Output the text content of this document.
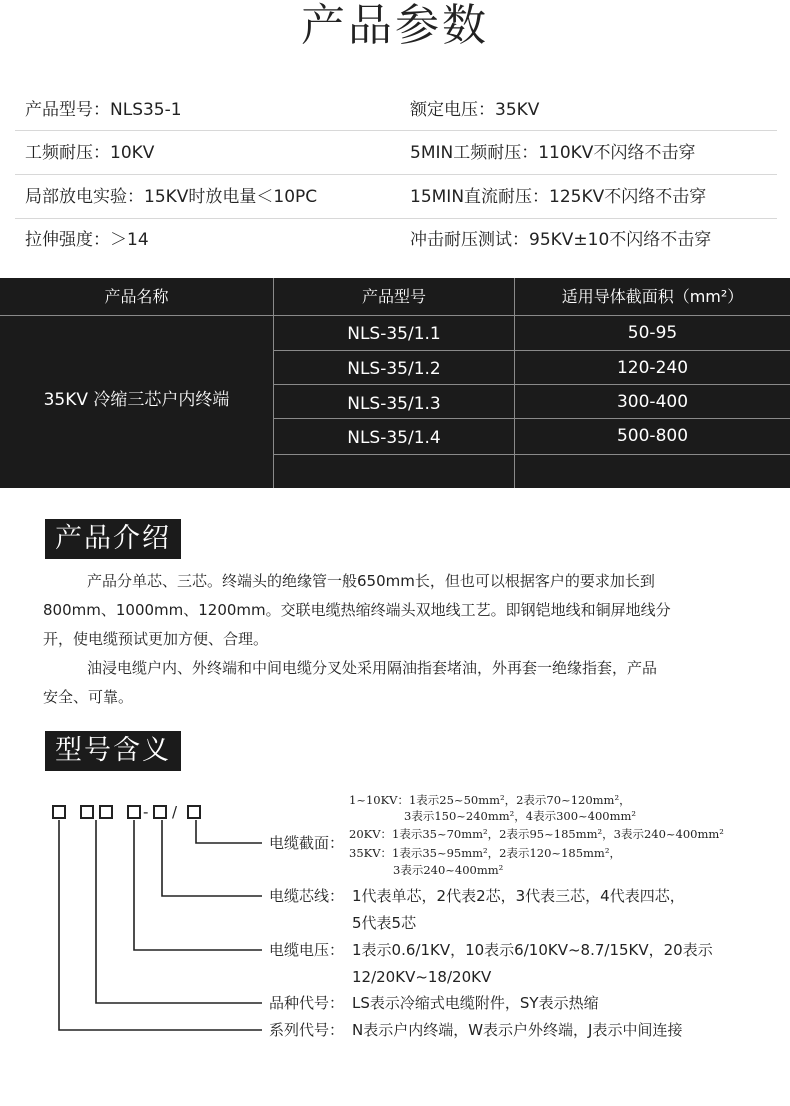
产品参数
产品型号：NLS35-1	额定电压：35KV
工频耐压：10KV	5MIN工频耐压：110KV不闪络不击穿
局部放电实验：15KV时放电量＜10PC	15MIN直流耐压：125KV不闪络不击穿
拉伸强度：＞14	冲击耐压测试：95KV±10不闪络不击穿
产品名称	产品型号	适用导体截面积（mm²）
35KV 冷缩三芯户内终端
NLS-35/1.1	50-95
NLS-35/1.2	120-240
NLS-35/1.3	300-400
NLS-35/1.4	500-800
产品介绍
产品分单芯、三芯。终端头的绝缘管一般650mm长，但也可以根据客户的要求加长到
800mm、1000mm、1200mm。交联电缆热缩终端头双地线工艺。即钢铠地线和铜屏地线分
开，使电缆预试更加方便、合理。
油浸电缆户内、外终端和中间电缆分叉处采用隔油指套堵油，外再套一绝缘指套，产品
安全、可靠。
型号含义
- /
电缆截面：
1~10KV：1表示25~50mm²，2表示70~120mm²，
3表示150~240mm²，4表示300~400mm²
20KV：1表示35~70mm²，2表示95~185mm²，3表示240~400mm²
35KV：1表示35~95mm²，2表示120~185mm²，
3表示240~400mm²
电缆芯线： 1代表单芯，2代表2芯，3代表三芯，4代表四芯，
5代表5芯
电缆电压： 1表示0.6/1KV，10表示6/10KV~8.7/15KV，20表示
12/20KV~18/20KV
品种代号： LS表示冷缩式电缆附件，SY表示热缩
系列代号： N表示户内终端，W表示户外终端，J表示中间连接
